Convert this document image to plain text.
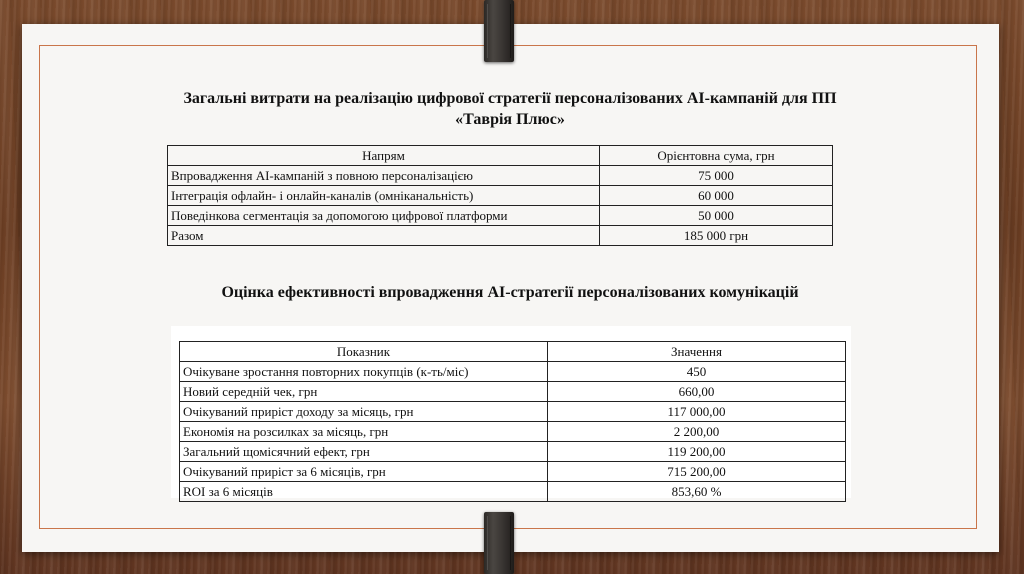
Загальні витрати на реалізацію цифрової стратегії персоналізованих AI-кампаній для ПП «Таврія Плюс»
Напрям	Орієнтовна сума, грн
Впровадження AI-кампаній з повною персоналізацією	75 000
Інтеграція офлайн- і онлайн-каналів (омніканальність)	60 000
Поведінкова сегментація за допомогою цифрової платформи	50 000
Разом	185 000 грн
Оцінка ефективності впровадження AI-стратегії персоналізованих комунікацій
Показник	Значення
Очікуване зростання повторних покупців (к-ть/міс)	450
Новий середній чек, грн	660,00
Очікуваний приріст доходу за місяць, грн	117 000,00
Економія на розсилках за місяць, грн	2 200,00
Загальний щомісячний ефект, грн	119 200,00
Очікуваний приріст за 6 місяців, грн	715 200,00
ROI за 6 місяців	853,60 %
